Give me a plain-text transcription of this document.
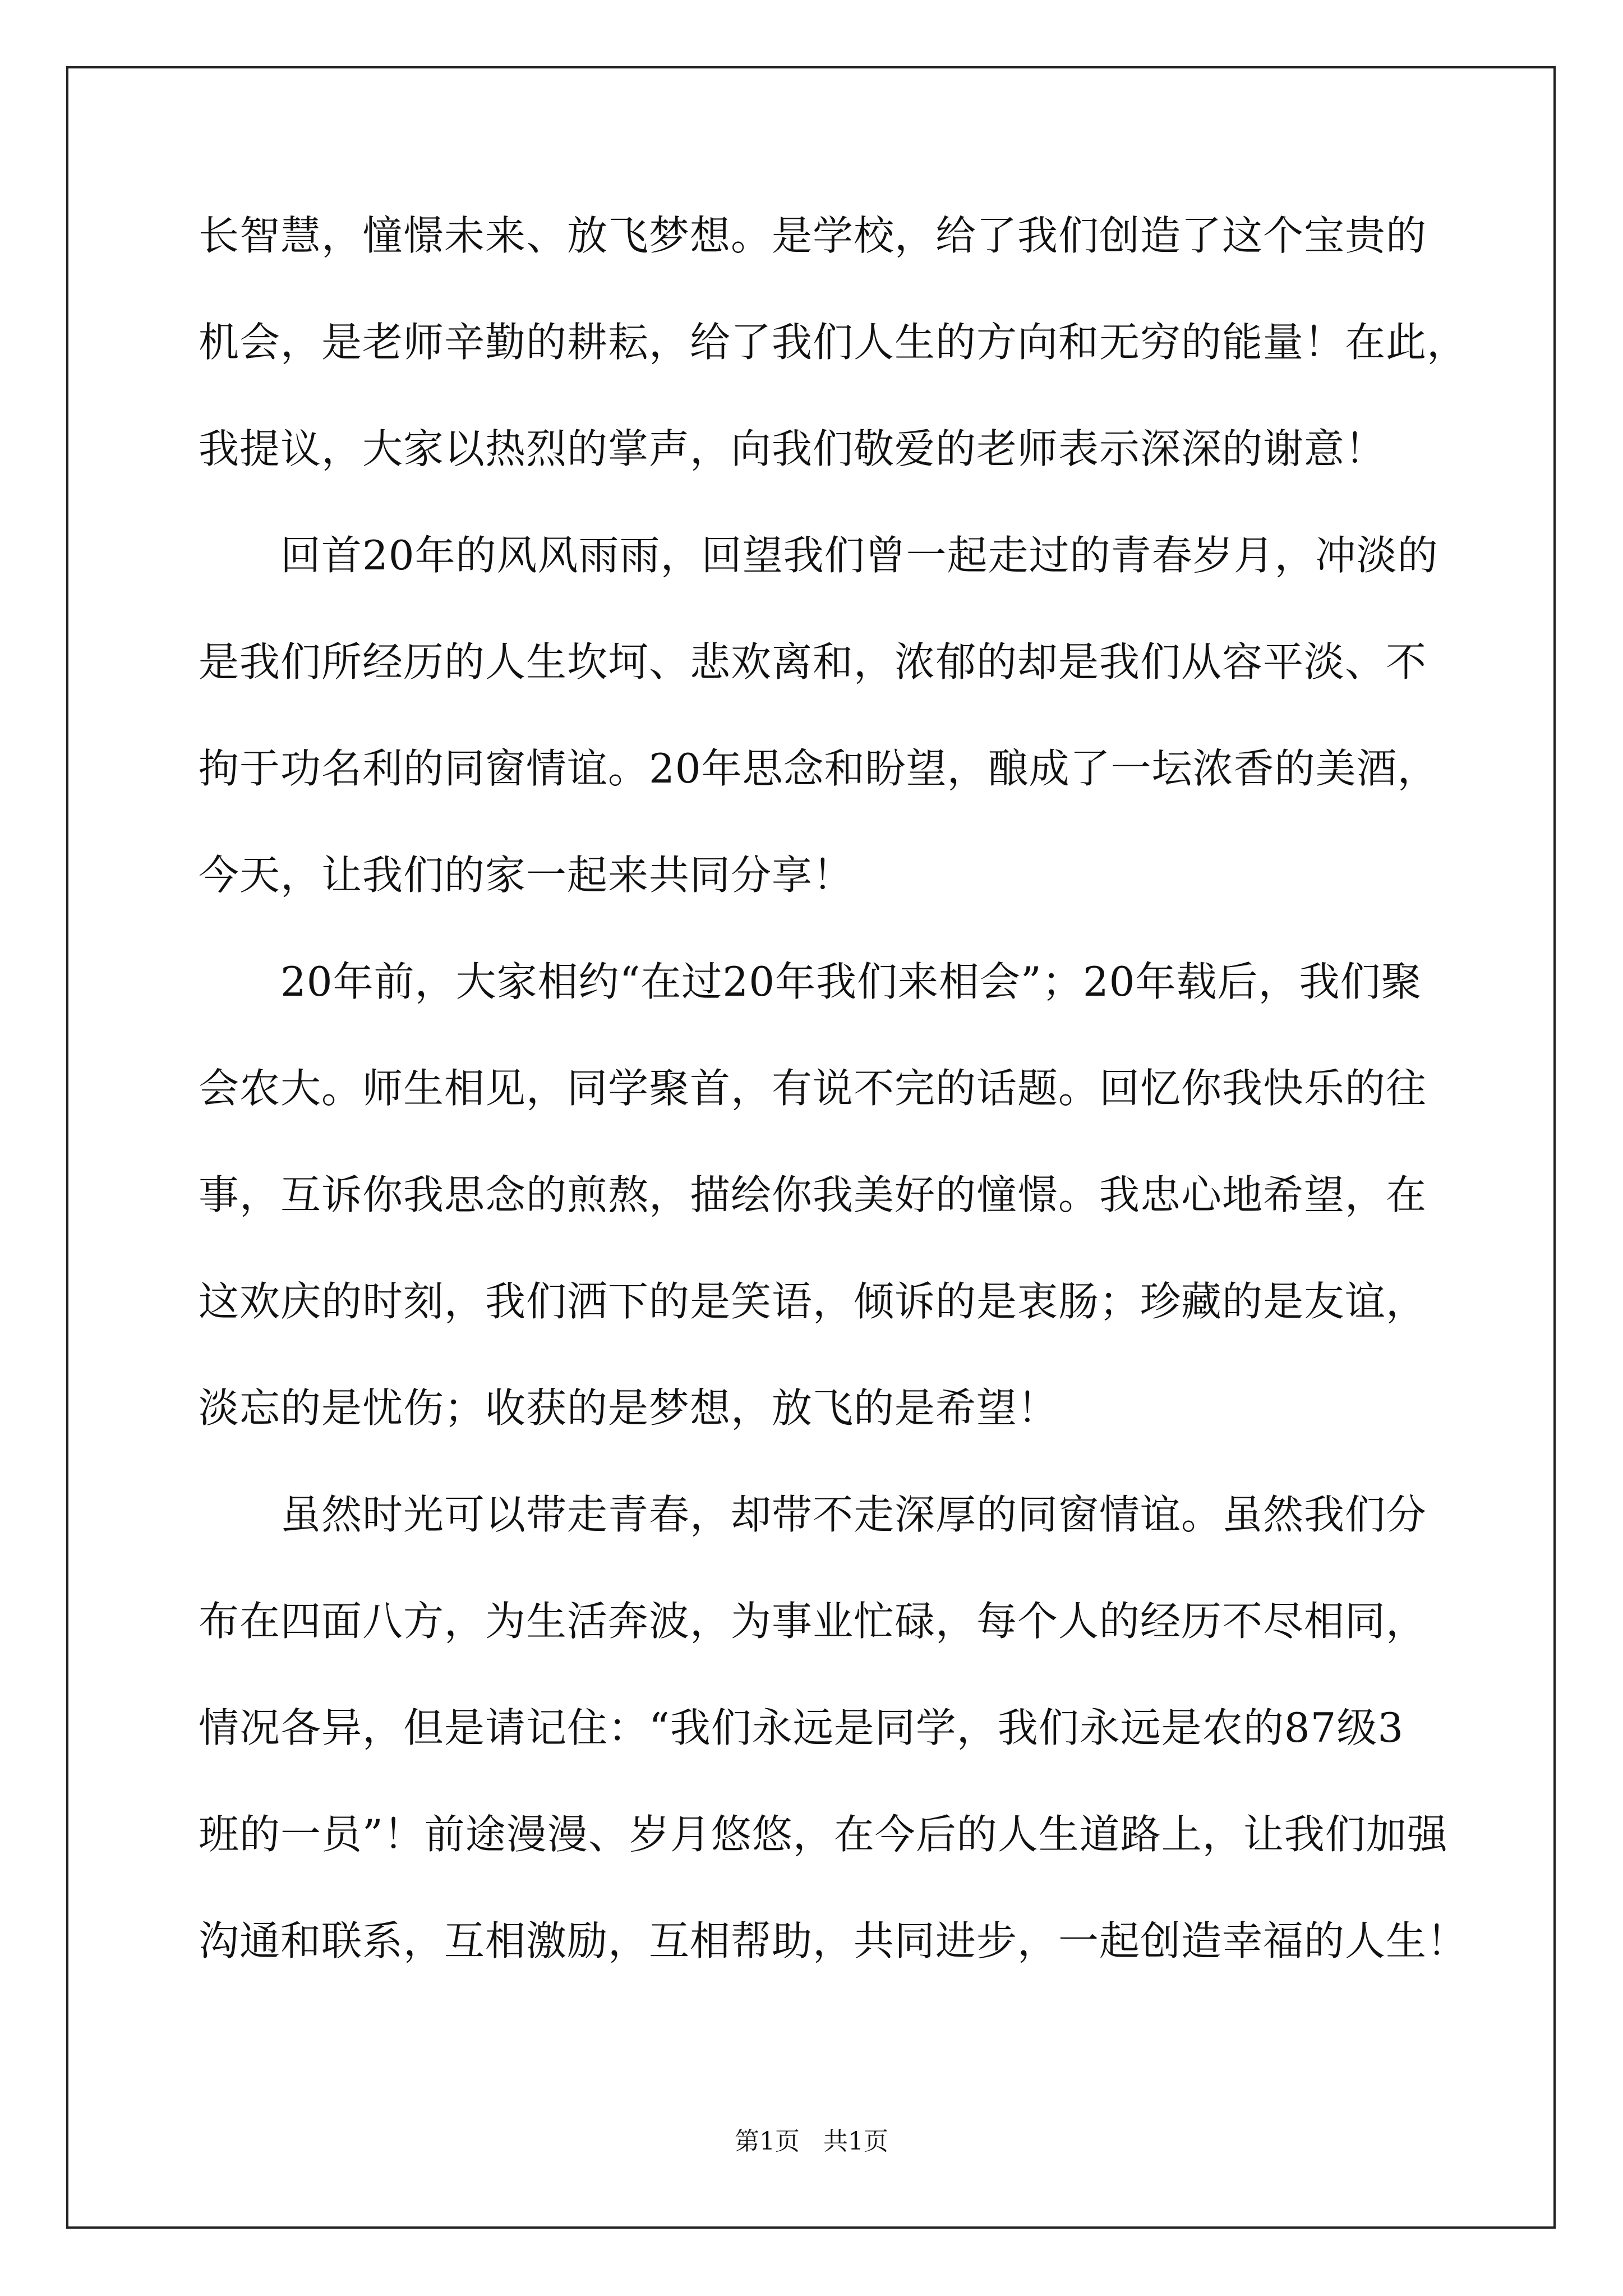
长智慧，憧憬未来、放飞梦想。是学校，给了我们创造了这个宝贵的

机会，是老师辛勤的耕耘，给了我们人生的方向和无穷的能量！在此，

我提议，大家以热烈的掌声，向我们敬爱的老师表示深深的谢意！

回首20年的风风雨雨，回望我们曾一起走过的青春岁月，冲淡的

是我们所经历的人生坎坷、悲欢离和，浓郁的却是我们从容平淡、不

拘于功名利的同窗情谊。20年思念和盼望，酿成了一坛浓香的美酒，

今天，让我们的家一起来共同分享！

20年前，大家相约“在过20年我们来相会”；20年载后，我们聚

会农大。师生相见，同学聚首，有说不完的话题。回忆你我快乐的往

事，互诉你我思念的煎熬，描绘你我美好的憧憬。我忠心地希望，在

这欢庆的时刻，我们洒下的是笑语，倾诉的是衷肠；珍藏的是友谊，

淡忘的是忧伤；收获的是梦想，放飞的是希望！

虽然时光可以带走青春，却带不走深厚的同窗情谊。虽然我们分

布在四面八方，为生活奔波，为事业忙碌，每个人的经历不尽相同，

情况各异，但是请记住：“我们永远是同学，我们永远是农的87级3

班的一员”！前途漫漫、岁月悠悠，在今后的人生道路上，让我们加强

沟通和联系，互相激励，互相帮助，共同进步，一起创造幸福的人生！

第1页   共1页
